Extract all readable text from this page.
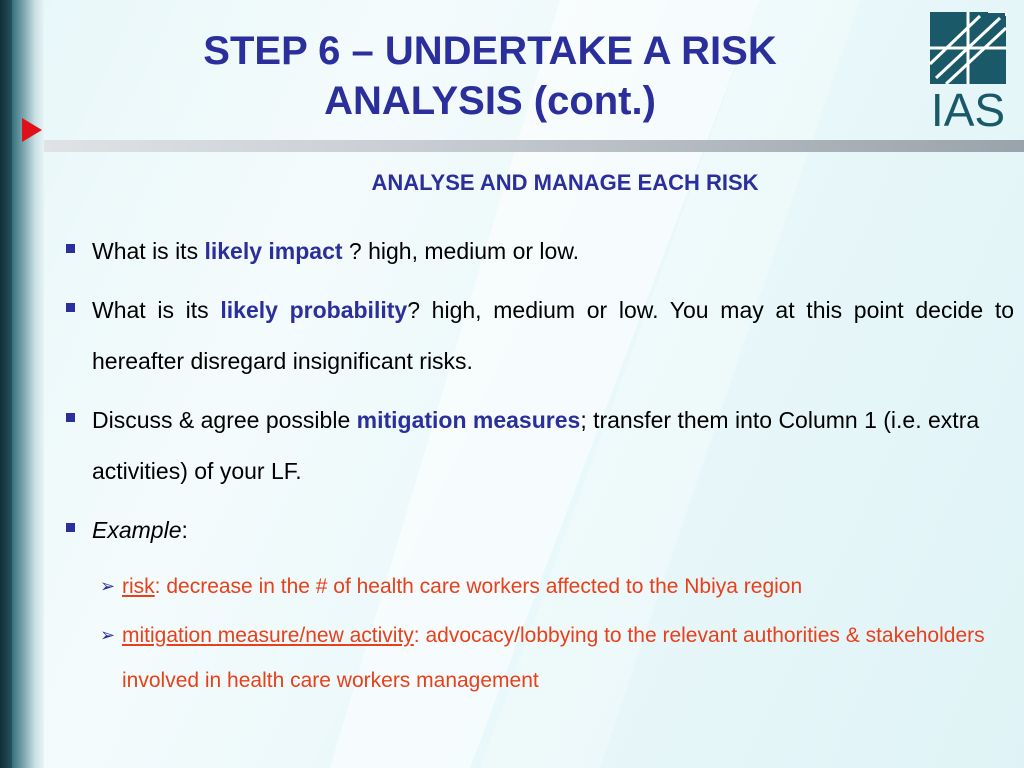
STEP 6 – UNDERTAKE A RISK
ANALYSIS (cont.)	IAS
ANALYSE AND MANAGE EACH RISK
What is its likely impact ? high, medium or low.
What is its likely probability? high, medium or low. You may at this point decide to hereafter disregard insignificant risks.
Discuss & agree possible mitigation measures; transfer them into Column 1 (i.e. extra activities) of your LF.
Example:
➢ risk: decrease in the # of health care workers affected to the Nbiya region
➢ mitigation measure/new activity: advocacy/lobbying to the relevant authorities & stakeholders involved in health care workers management
